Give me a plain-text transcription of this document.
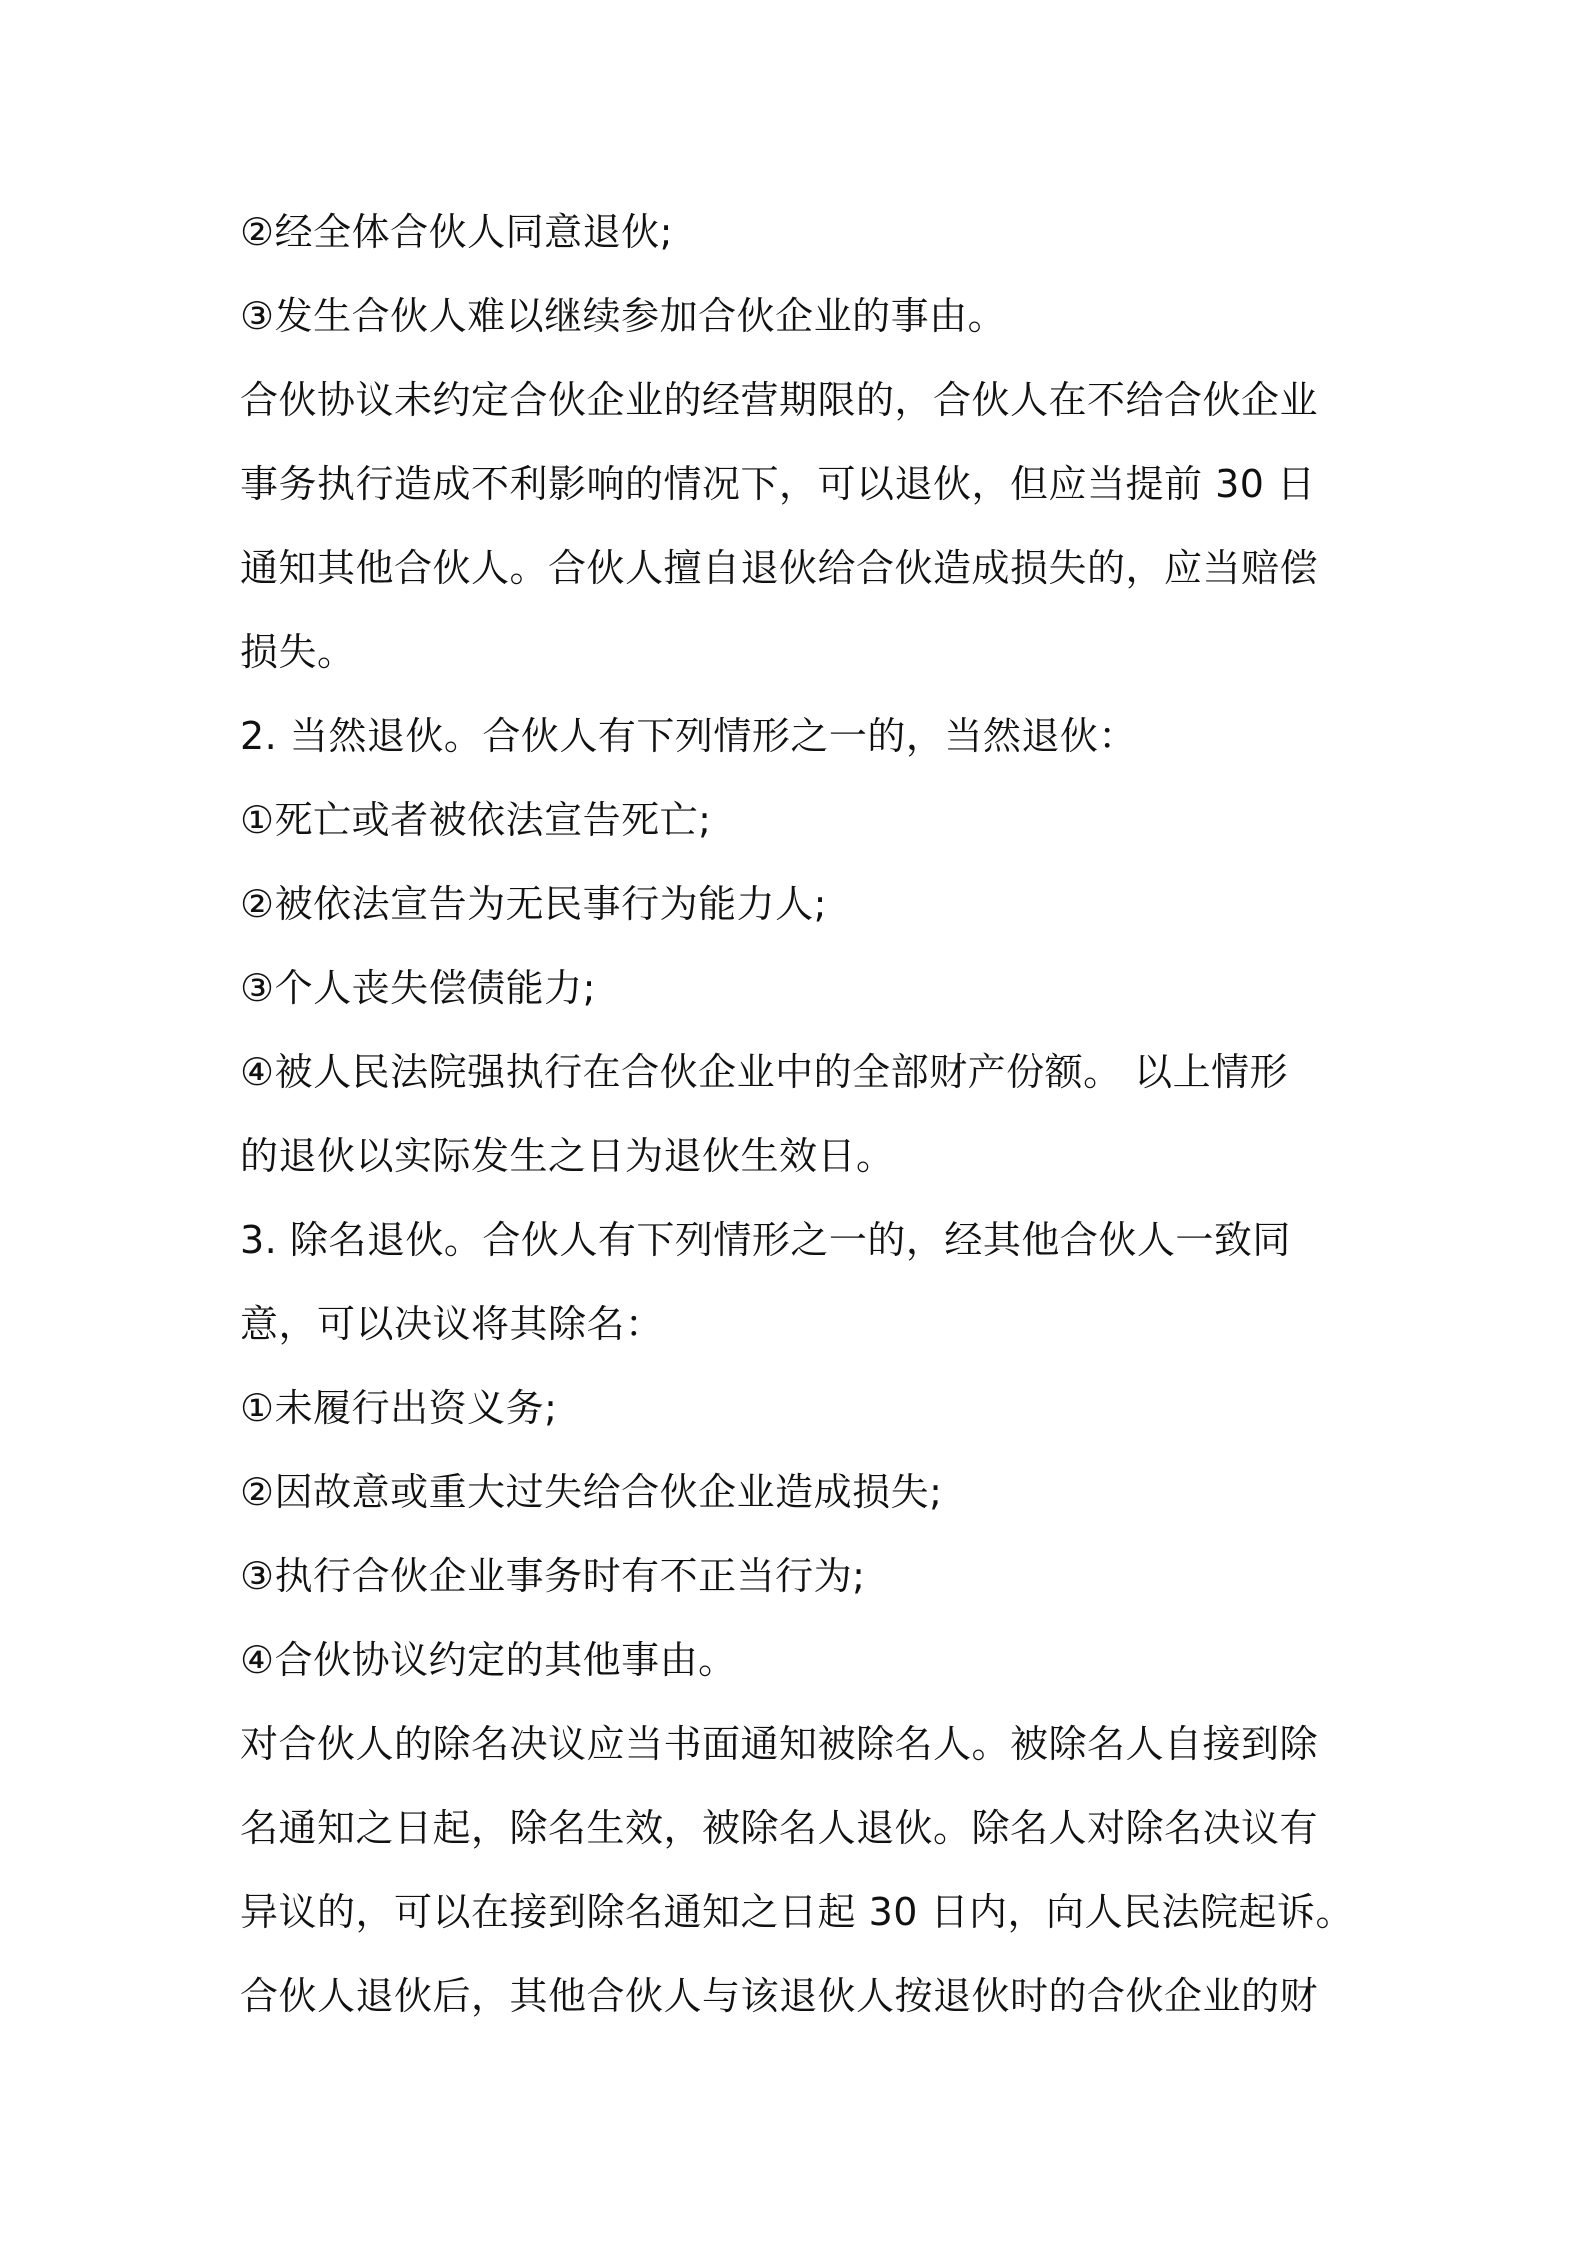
②经全体合伙人同意退伙;
③发生合伙人难以继续参加合伙企业的事由。
合伙协议未约定合伙企业的经营期限的，合伙人在不给合伙企业
事务执行造成不利影响的情况下，可以退伙，但应当提前 30 日
通知其他合伙人。合伙人擅自退伙给合伙造成损失的，应当赔偿
损失。
2. 当然退伙。合伙人有下列情形之一的，当然退伙：
①死亡或者被依法宣告死亡;
②被依法宣告为无民事行为能力人;
③个人丧失偿债能力;
④被人民法院强执行在合伙企业中的全部财产份额。 以上情形
的退伙以实际发生之日为退伙生效日。
3. 除名退伙。合伙人有下列情形之一的，经其他合伙人一致同
意，可以决议将其除名：
①未履行出资义务;
②因故意或重大过失给合伙企业造成损失;
③执行合伙企业事务时有不正当行为;
④合伙协议约定的其他事由。
对合伙人的除名决议应当书面通知被除名人。被除名人自接到除
名通知之日起，除名生效，被除名人退伙。除名人对除名决议有
异议的，可以在接到除名通知之日起 30 日内，向人民法院起诉。
合伙人退伙后，其他合伙人与该退伙人按退伙时的合伙企业的财
